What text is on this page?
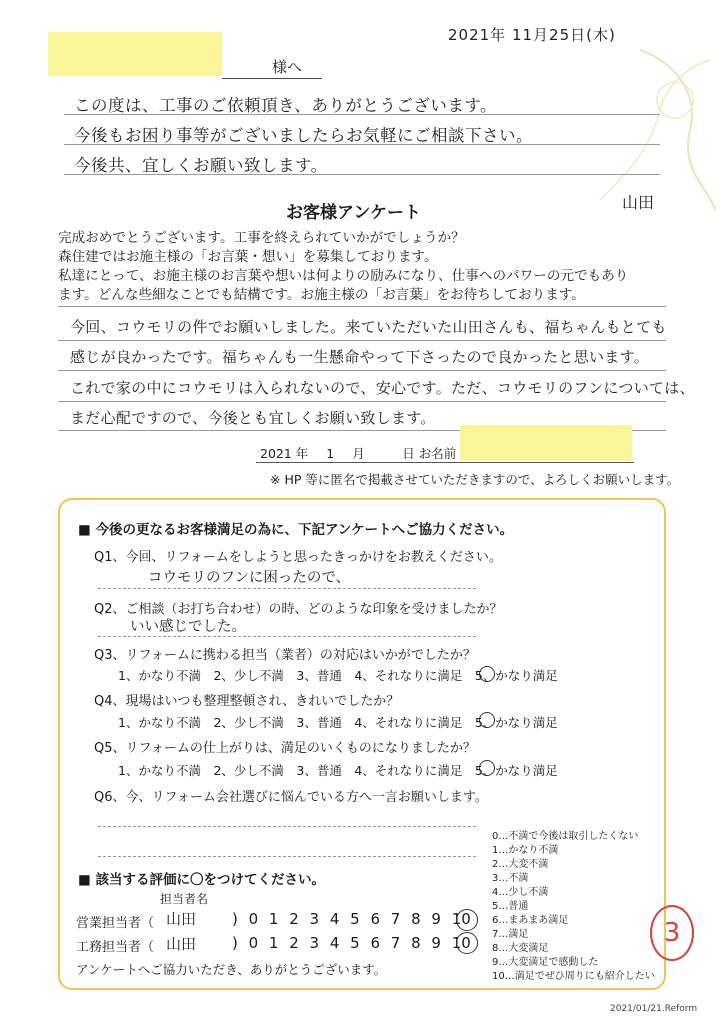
2021年 11月25日(木)
様へ
この度は、工事のご依頼頂き、ありがとうございます。
今後もお困り事等がございましたらお気軽にご相談下さい。
今後共、宜しくお願い致します。
山田
お客様アンケート
完成おめでとうございます。工事を終えられていかがでしょうか？
森住建ではお施主様の「お言葉・想い」を募集しております。
私達にとって、お施主様のお言葉や想いは何よりの励みになり、仕事へのパワーの元でもあり
ます。どんな些細なことでも結構です。お施主様の「お言葉」をお待ちしております。
今回、コウモリの件でお願いしました。来ていただいた山田さんも、福ちゃんもとても
感じが良かったです。福ちゃんも一生懸命やって下さったので良かったと思います。
これで家の中にコウモリは入られないので、安心です。ただ、コウモリのフンについては、
まだ心配ですので、今後とも宜しくお願い致します。
2021 年 1 月　　　日 お名前
※ HP 等に匿名で掲載させていただきますので、よろしくお願いします。
■ 今後の更なるお客様満足の為に、下記アンケートへご協力ください。
Q1、今回、リフォームをしようと思ったきっかけをお教えください。
コウモリのフンに困ったので、
Q2、ご相談（お打ち合わせ）の時、どのような印象を受けましたか？
いい感じでした。
Q3、リフォームに携わる担当（業者）の対応はいかがでしたか？
1、かなり不満　2、少し不満　3、普通　4、それなりに満足　5、かなり満足
Q4、現場はいつも整理整頓され、きれいでしたか？
1、かなり不満　2、少し不満　3、普通　4、それなりに満足　5、かなり満足
Q5、リフォームの仕上がりは、満足のいくものになりましたか？
1、かなり不満　2、少し不満　3、普通　4、それなりに満足　5、かなり満足
Q6、今、リフォーム会社選びに悩んでいる方へ一言お願いします。
0…不満で今後は取引したくない
1…かなり不満
2…大変不満
3…不満
4…少し不満
5…普通
6…まあまあ満足
7…満足
8…大変満足
9…大変満足で感動した
10…満足でぜひ周りにも紹介したい
■ 該当する評価に〇をつけてください。
担当者名
営業担当者（ 山田 ) 0 1 2 3 4 5 6 7 8 9 10
工務担当者（ 山田 ) 0 1 2 3 4 5 6 7 8 9 10
アンケートへご協力いただき、ありがとうございます。
3
2021/01/21.Reform
